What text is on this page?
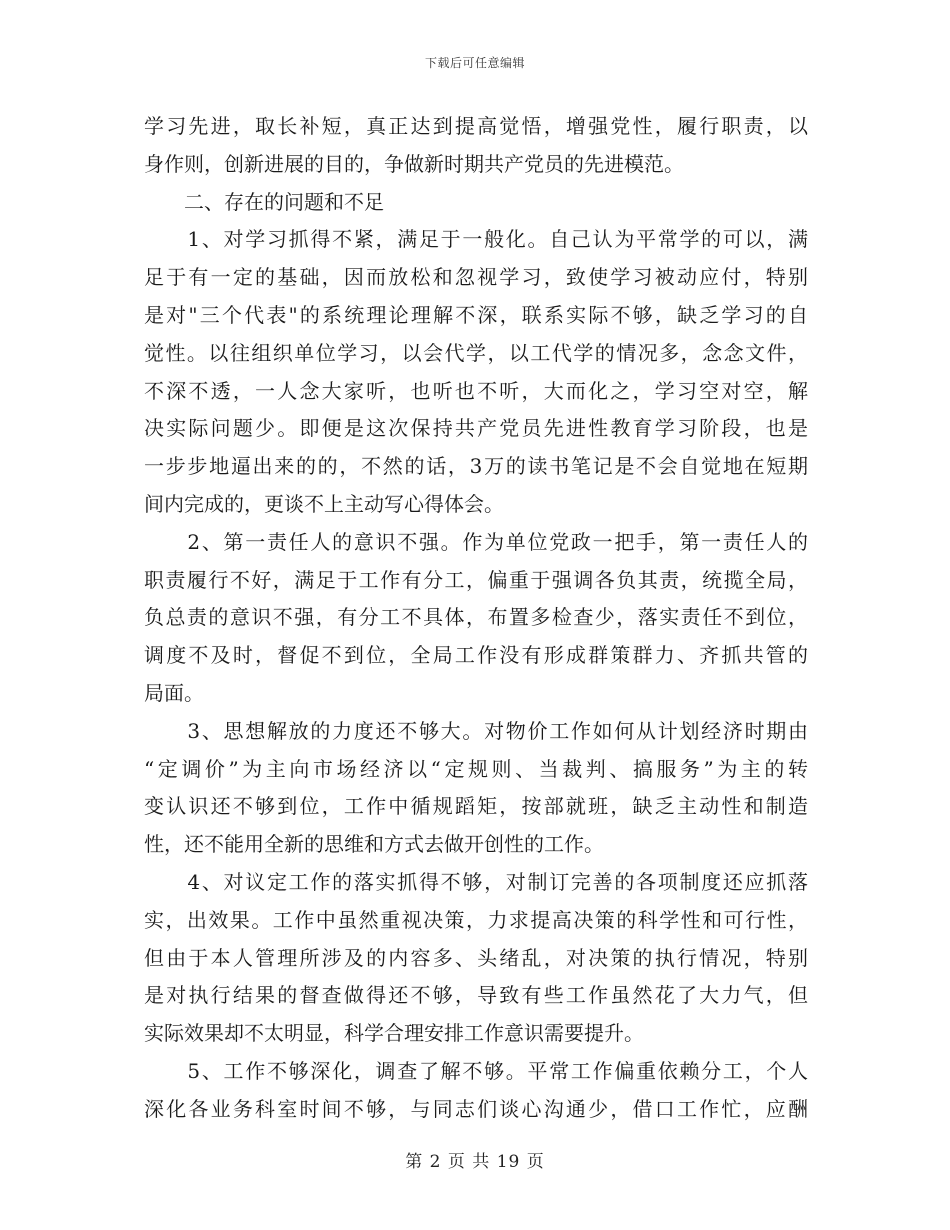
下载后可任意编辑
学习先进，取长补短，真正达到提高觉悟，增强党性，履行职责，以
身作则，创新进展的目的，争做新时期共产党员的先进模范。
　　二、存在的问题和不足
　　1、对学习抓得不紧，满足于一般化。自己认为平常学的可以，满
足于有一定的基础，因而放松和忽视学习，致使学习被动应付，特别
是对"三个代表"的系统理论理解不深，联系实际不够，缺乏学习的自
觉性。以往组织单位学习，以会代学，以工代学的情况多，念念文件，
不深不透，一人念大家听，也听也不听，大而化之，学习空对空，解
决实际问题少。即便是这次保持共产党员先进性教育学习阶段，也是
一步步地逼出来的的，不然的话，3万的读书笔记是不会自觉地在短期
间内完成的，更谈不上主动写心得体会。
　　2、第一责任人的意识不强。作为单位党政一把手，第一责任人的
职责履行不好，满足于工作有分工，偏重于强调各负其责，统揽全局，
负总责的意识不强，有分工不具体，布置多检查少，落实责任不到位，
调度不及时，督促不到位，全局工作没有形成群策群力、齐抓共管的
局面。
　　3、思想解放的力度还不够大。对物价工作如何从计划经济时期由
“定调价”为主向市场经济以“定规则、当裁判、搞服务”为主的转
变认识还不够到位，工作中循规蹈矩，按部就班，缺乏主动性和制造
性，还不能用全新的思维和方式去做开创性的工作。
　　4、对议定工作的落实抓得不够，对制订完善的各项制度还应抓落
实，出效果。工作中虽然重视决策，力求提高决策的科学性和可行性，
但由于本人管理所涉及的内容多、头绪乱，对决策的执行情况，特别
是对执行结果的督查做得还不够，导致有些工作虽然花了大力气，但
实际效果却不太明显，科学合理安排工作意识需要提升。
　　5、工作不够深化，调查了解不够。平常工作偏重依赖分工，个人
深化各业务科室时间不够，与同志们谈心沟通少，借口工作忙，应酬
第 2 页 共 19 页
